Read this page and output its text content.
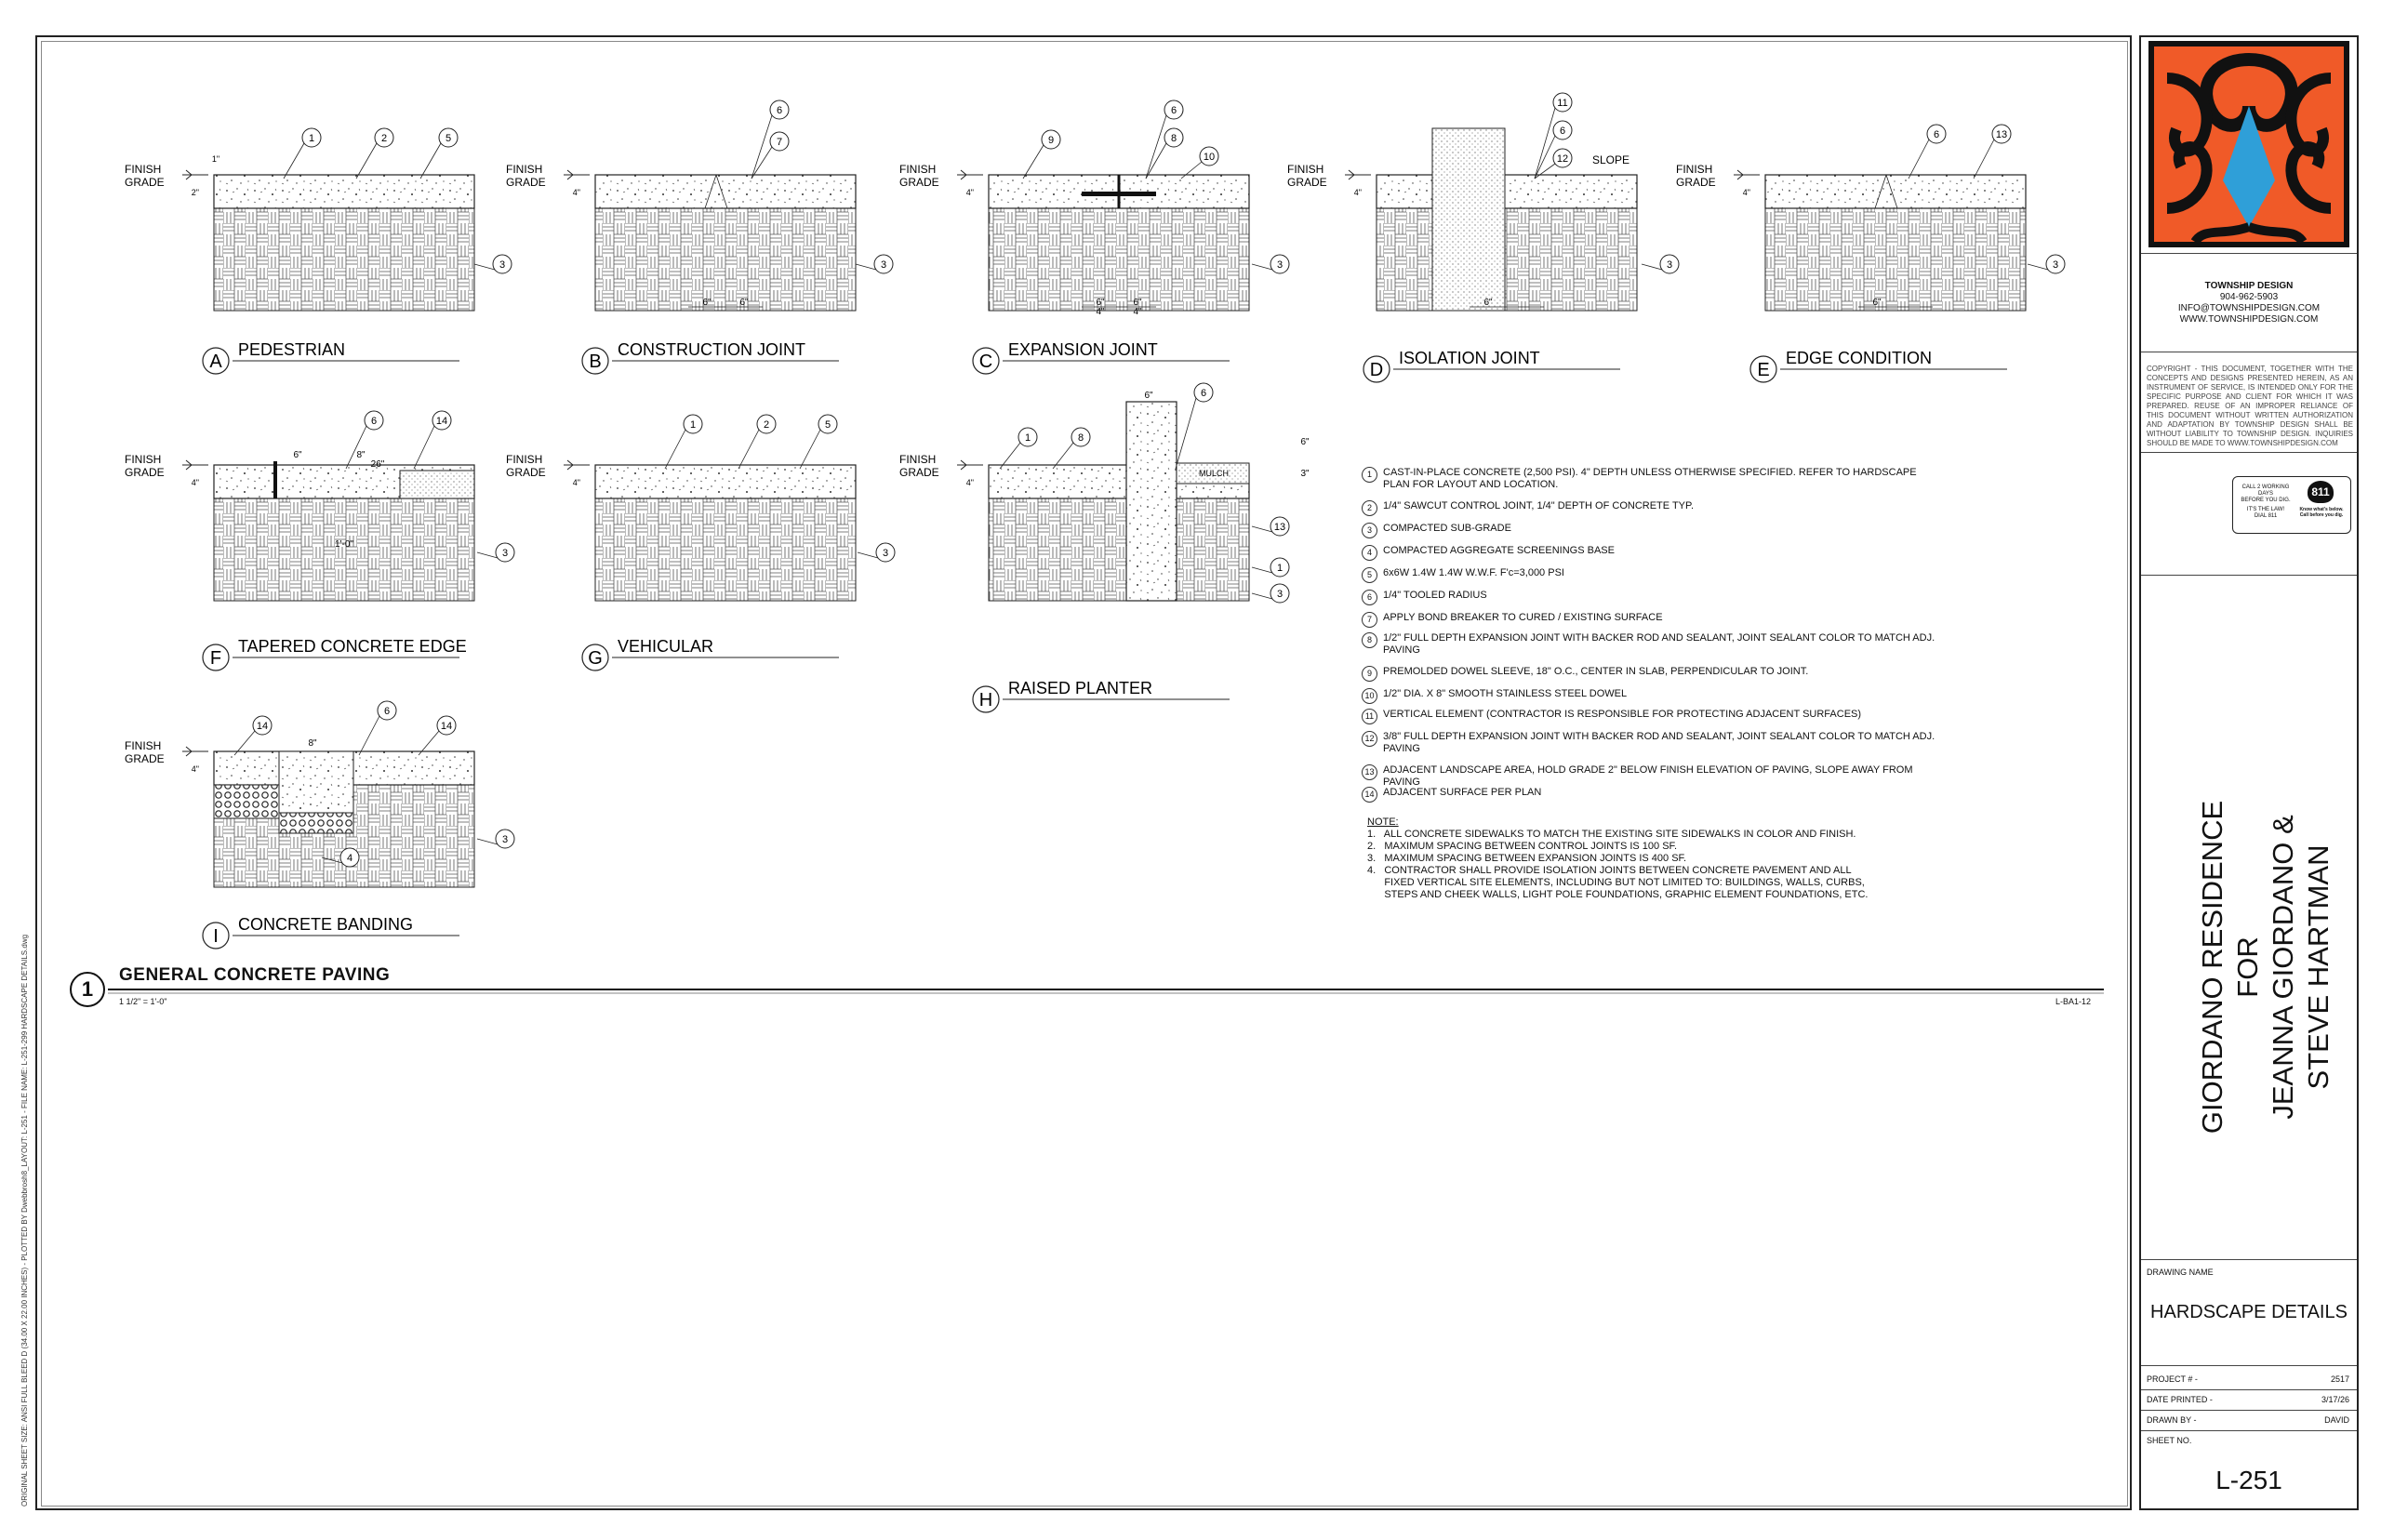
ORIGINAL SHEET SIZE: ANSI FULL BLEED D (34.00 X 22.00 INCHES) - PLOTTED BY Dwebbrosh8_LAYOUT: L-251 - FILE NAME: L-251-299 HARDSCAPE DETAILS.dwg
FINISH
GRADE
2"
1"
1	2	5
3
A
PEDESTRIAN
FINISH
GRADE
6"	6"
4"
6
7
3
B
CONSTRUCTION JOINT
FINISH
GRADE
6"	6"
4"	4"
4"
9
6
8
10
3
C
EXPANSION JOINT
FINISH
GRADE
SLOPE
6"
4"
11
6
12
3
D
ISOLATION JOINT
FINISH
GRADE
6"
4"
6	13
3
E
EDGE CONDITION
FINISH
GRADE
6"	8"
26"
1'-0"
4"
6	14
3
F
TAPERED CONCRETE EDGE
FINISH
GRADE
4"
1	2	5
3
G
VEHICULAR
FINISH
GRADE	MULCH
6"
6"
3"
4"
1	8
6
13
1
3
H
RAISED PLANTER
FINISH
GRADE
8"
4"
14
6
14
3
4
I
CONCRETE BANDING
1
GENERAL CONCRETE PAVING
1 1/2" = 1'-0"	L-BA1-12
1 CAST-IN-PLACE CONCRETE (2,500 PSI). 4" DEPTH UNLESS OTHERWISE SPECIFIED. REFER TO HARDSCAPE PLAN FOR LAYOUT AND LOCATION.
2 1/4" SAWCUT CONTROL JOINT, 1/4" DEPTH OF CONCRETE TYP.
3 COMPACTED SUB-GRADE
4 COMPACTED AGGREGATE SCREENINGS BASE
5 6x6W 1.4W 1.4W W.W.F. F'c=3,000 PSI
6 1/4" TOOLED RADIUS
7 APPLY BOND BREAKER TO CURED / EXISTING SURFACE
8 1/2" FULL DEPTH EXPANSION JOINT WITH BACKER ROD AND SEALANT, JOINT SEALANT COLOR TO MATCH ADJ. PAVING
9 PREMOLDED DOWEL SLEEVE, 18" O.C., CENTER IN SLAB, PERPENDICULAR TO JOINT.
10 1/2" DIA. X 8" SMOOTH STAINLESS STEEL DOWEL
11 VERTICAL ELEMENT (CONTRACTOR IS RESPONSIBLE FOR PROTECTING ADJACENT SURFACES)
12 3/8" FULL DEPTH EXPANSION JOINT WITH BACKER ROD AND SEALANT, JOINT SEALANT COLOR TO MATCH ADJ. PAVING
13 ADJACENT LANDSCAPE AREA, HOLD GRADE 2" BELOW FINISH ELEVATION OF PAVING, SLOPE AWAY FROM PAVING
14 ADJACENT SURFACE PER PLAN
NOTE:
1.   ALL CONCRETE SIDEWALKS TO MATCH THE EXISTING SITE SIDEWALKS IN COLOR AND FINISH.
2.   MAXIMUM SPACING BETWEEN CONTROL JOINTS IS 100 SF.
3.   MAXIMUM SPACING BETWEEN EXPANSION JOINTS IS 400 SF.
4.   CONTRACTOR SHALL PROVIDE ISOLATION JOINTS BETWEEN CONCRETE PAVEMENT AND ALL
FIXED VERTICAL SITE ELEMENTS, INCLUDING BUT NOT LIMITED TO: BUILDINGS, WALLS, CURBS,
STEPS AND CHEEK WALLS, LIGHT POLE FOUNDATIONS, GRAPHIC ELEMENT FOUNDATIONS, ETC.
TOWNSHIP DESIGN
904-962-5903
INFO@TOWNSHIPDESIGN.COM
WWW.TOWNSHIPDESIGN.COM
COPYRIGHT - THIS DOCUMENT, TOGETHER WITH THE CONCEPTS AND DESIGNS PRESENTED HEREIN, AS AN INSTRUMENT OF SERVICE, IS INTENDED ONLY FOR THE SPECIFIC PURPOSE AND CLIENT FOR WHICH IT WAS PREPARED. REUSE OF AN IMPROPER RELIANCE OF THIS DOCUMENT WITHOUT WRITTEN AUTHORIZATION AND ADAPTATION BY TOWNSHIP DESIGN SHALL BE WITHOUT LIABILITY TO TOWNSHIP DESIGN. INQUIRIES SHOULD BE MADE TO WWW.TOWNSHIPDESIGN.COM
CALL 2 WORKING DAYS
BEFORE YOU DIG.
IT'S THE LAW!
DIAL 811
811
Know what's below.
Call before you dig.
GIORDANO RESIDENCE FOR JEANNA GIORDANO & STEVE HARTMAN
DRAWING NAME
HARDSCAPE DETAILS
PROJECT # -	2517
DATE PRINTED -	3/17/26
DRAWN BY -	DAVID
SHEET NO.
L-251
